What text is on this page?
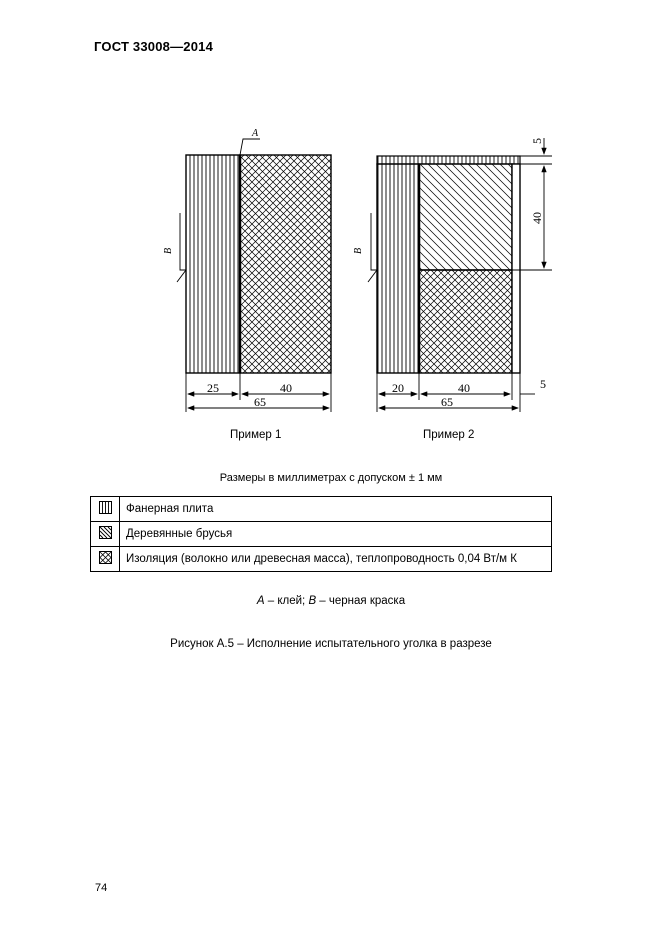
ГОСТ 33008—2014
A
B
25	40
65
B
5
40
20	40	5
65
Пример 1	Пример 2
Размеры в миллиметрах с допуском ± 1 мм
	Фанерная плита
	Деревянные брусья
	Изоляция (волокно или древесная масса), теплопроводность 0,04 Вт/м К
A – клей; B – черная краска
Рисунок А.5 – Исполнение испытательного уголка в разрезе
74
